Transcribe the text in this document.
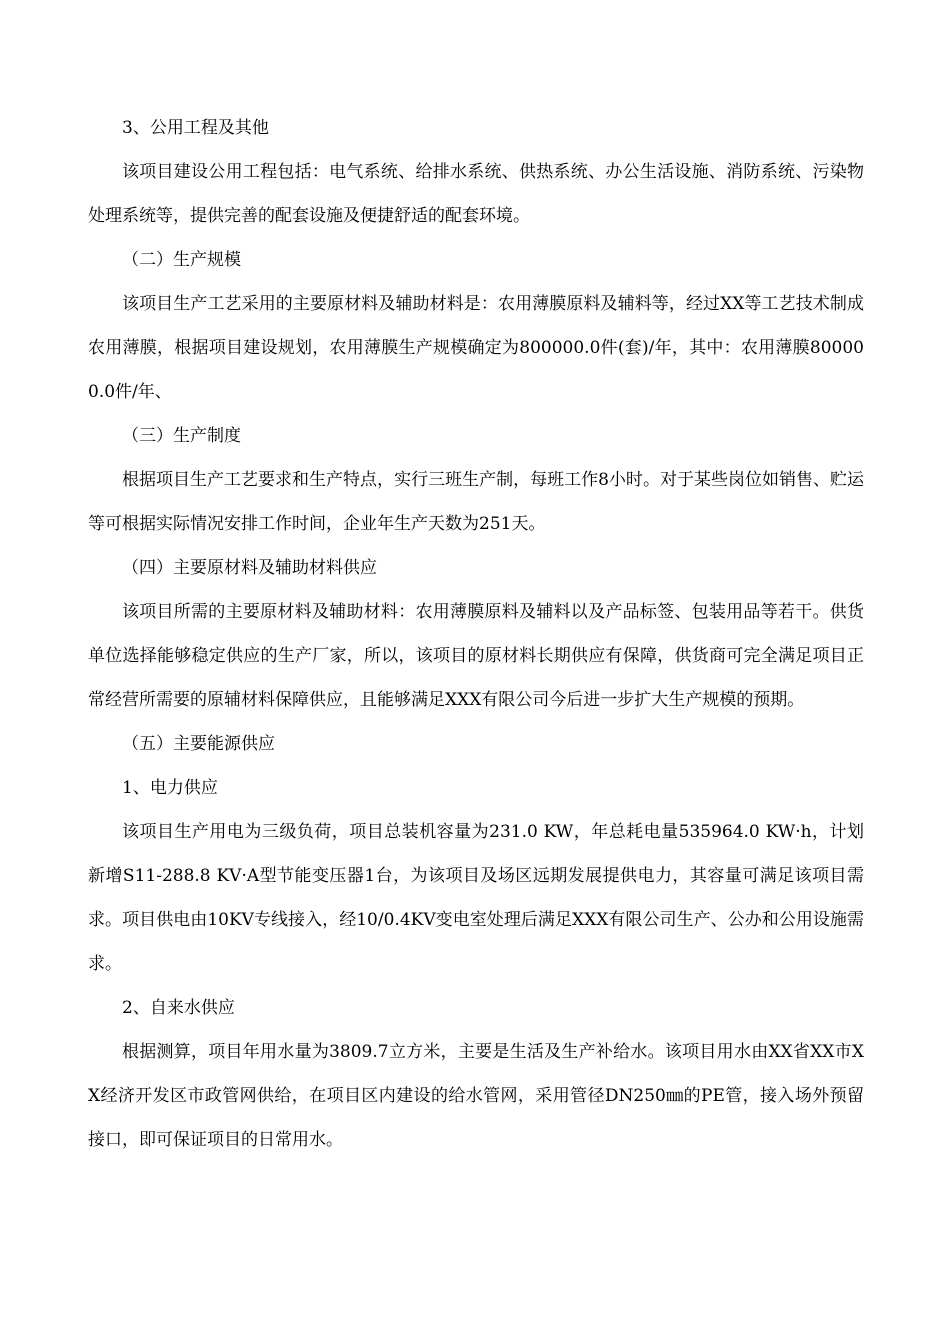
3、公用工程及其他

该项目建设公用工程包括：电气系统、给排水系统、供热系统、办公生活设施、消防系统、污染物处理系统等，提供完善的配套设施及便捷舒适的配套环境。

（二）生产规模

该项目生产工艺采用的主要原材料及辅助材料是：农用薄膜原料及辅料等，经过XX等工艺技术制成农用薄膜，根据项目建设规划，农用薄膜生产规模确定为800000.0件(套)/年，其中：农用薄膜800000.0件/年、

（三）生产制度

根据项目生产工艺要求和生产特点，实行三班生产制，每班工作8小时。对于某些岗位如销售、贮运等可根据实际情况安排工作时间，企业年生产天数为251天。

（四）主要原材料及辅助材料供应

该项目所需的主要原材料及辅助材料：农用薄膜原料及辅料以及产品标签、包装用品等若干。供货单位选择能够稳定供应的生产厂家，所以，该项目的原材料长期供应有保障，供货商可完全满足项目正常经营所需要的原辅材料保障供应，且能够满足XXX有限公司今后进一步扩大生产规模的预期。

（五）主要能源供应

1、电力供应

该项目生产用电为三级负荷，项目总装机容量为231.0 KW，年总耗电量535964.0 KW·h，计划新增S11-288.8 KV·A型节能变压器1台，为该项目及场区远期发展提供电力，其容量可满足该项目需求。项目供电由10KV专线接入，经10/0.4KV变电室处理后满足XXX有限公司生产、公办和公用设施需求。

2、自来水供应

根据测算，项目年用水量为3809.7立方米，主要是生活及生产补给水。该项目用水由XX省XX市XX经济开发区市政管网供给，在项目区内建设的给水管网，采用管径DN250㎜的PE管，接入场外预留接口，即可保证项目的日常用水。
